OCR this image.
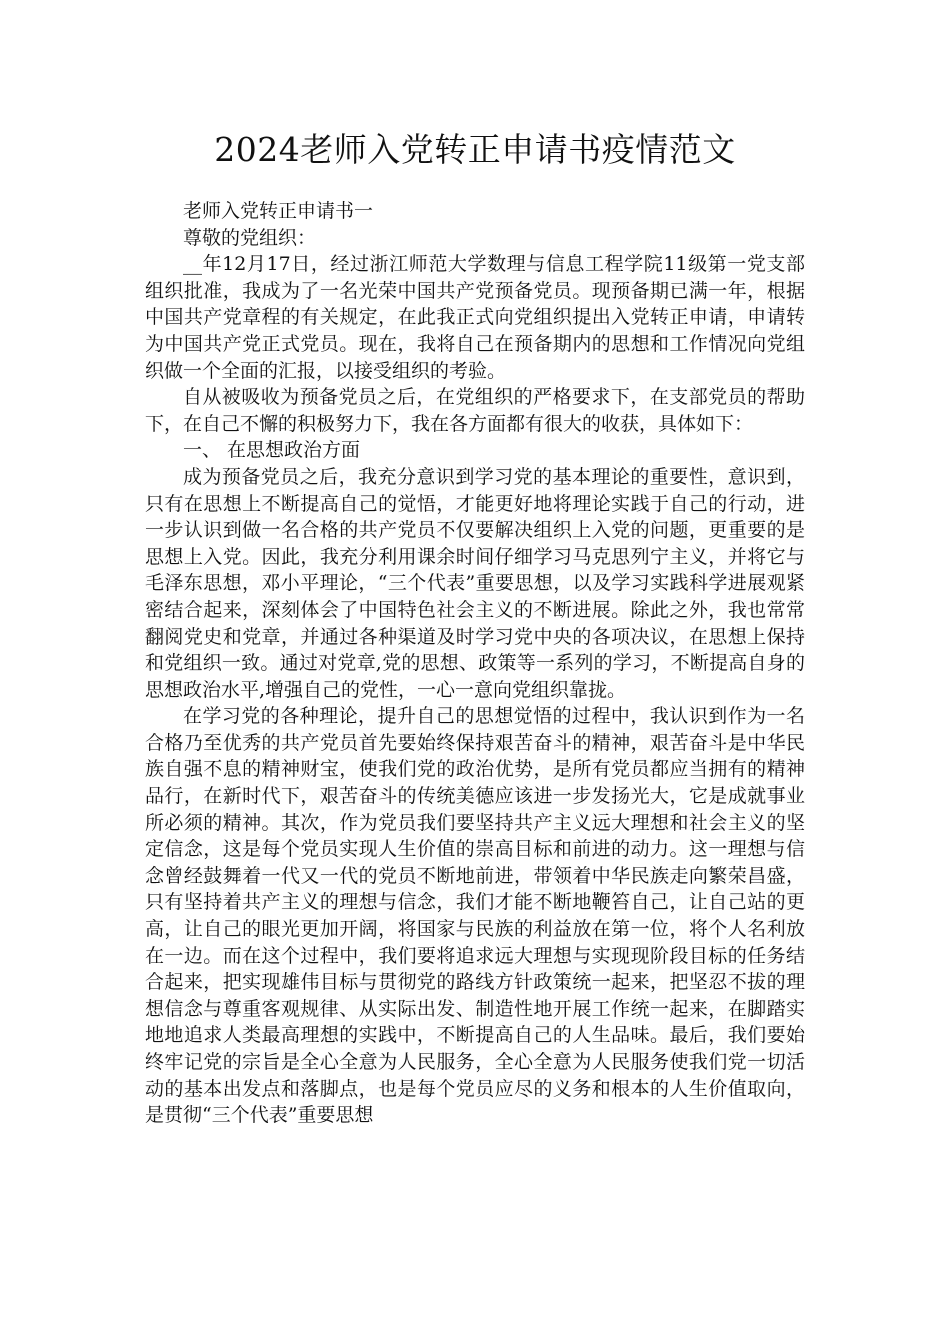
2024老师入党转正申请书疫情范文

老师入党转正申请书一

尊敬的党组织：

__年12月17日，经过浙江师范大学数理与信息工程学院11级第一党支部组织批准，我成为了一名光荣中国共产党预备党员。现预备期已满一年，根据中国共产党章程的有关规定，在此我正式向党组织提出入党转正申请，申请转为中国共产党正式党员。现在，我将自己在预备期内的思想和工作情况向党组织做一个全面的汇报，以接受组织的考验。

自从被吸收为预备党员之后，在党组织的严格要求下，在支部党员的帮助下，在自己不懈的积极努力下，我在各方面都有很大的收获，具体如下：

一、 在思想政治方面

成为预备党员之后，我充分意识到学习党的基本理论的重要性，意识到，只有在思想上不断提高自己的觉悟，才能更好地将理论实践于自己的行动，进一步认识到做一名合格的共产党员不仅要解决组织上入党的问题，更重要的是思想上入党。因此，我充分利用课余时间仔细学习马克思列宁主义，并将它与毛泽东思想，邓小平理论，“三个代表”重要思想，以及学习实践科学进展观紧密结合起来，深刻体会了中国特色社会主义的不断进展。除此之外，我也常常翻阅党史和党章，并通过各种渠道及时学习党中央的各项决议，在思想上保持和党组织一致。通过对党章,党的思想、政策等一系列的学习，不断提高自身的思想政治水平,增强自己的党性，一心一意向党组织靠拢。

在学习党的各种理论，提升自己的思想觉悟的过程中，我认识到作为一名合格乃至优秀的共产党员首先要始终保持艰苦奋斗的精神，艰苦奋斗是中华民族自强不息的精神财宝，使我们党的政治优势，是所有党员都应当拥有的精神品行，在新时代下，艰苦奋斗的传统美德应该进一步发扬光大，它是成就事业所必须的精神。其次，作为党员我们要坚持共产主义远大理想和社会主义的坚定信念，这是每个党员实现人生价值的崇高目标和前进的动力。这一理想与信念曾经鼓舞着一代又一代的党员不断地前进，带领着中华民族走向繁荣昌盛，只有坚持着共产主义的理想与信念，我们才能不断地鞭笞自己，让自己站的更高，让自己的眼光更加开阔，将国家与民族的利益放在第一位，将个人名利放在一边。而在这个过程中，我们要将追求远大理想与实现现阶段目标的任务结合起来，把实现雄伟目标与贯彻党的路线方针政策统一起来，把坚忍不拔的理想信念与尊重客观规律、从实际出发、制造性地开展工作统一起来，在脚踏实地地追求人类最高理想的实践中，不断提高自己的人生品味。最后，我们要始终牢记党的宗旨是全心全意为人民服务，全心全意为人民服务使我们党一切活动的基本出发点和落脚点，也是每个党员应尽的义务和根本的人生价值取向，是贯彻“三个代表”重要思想
